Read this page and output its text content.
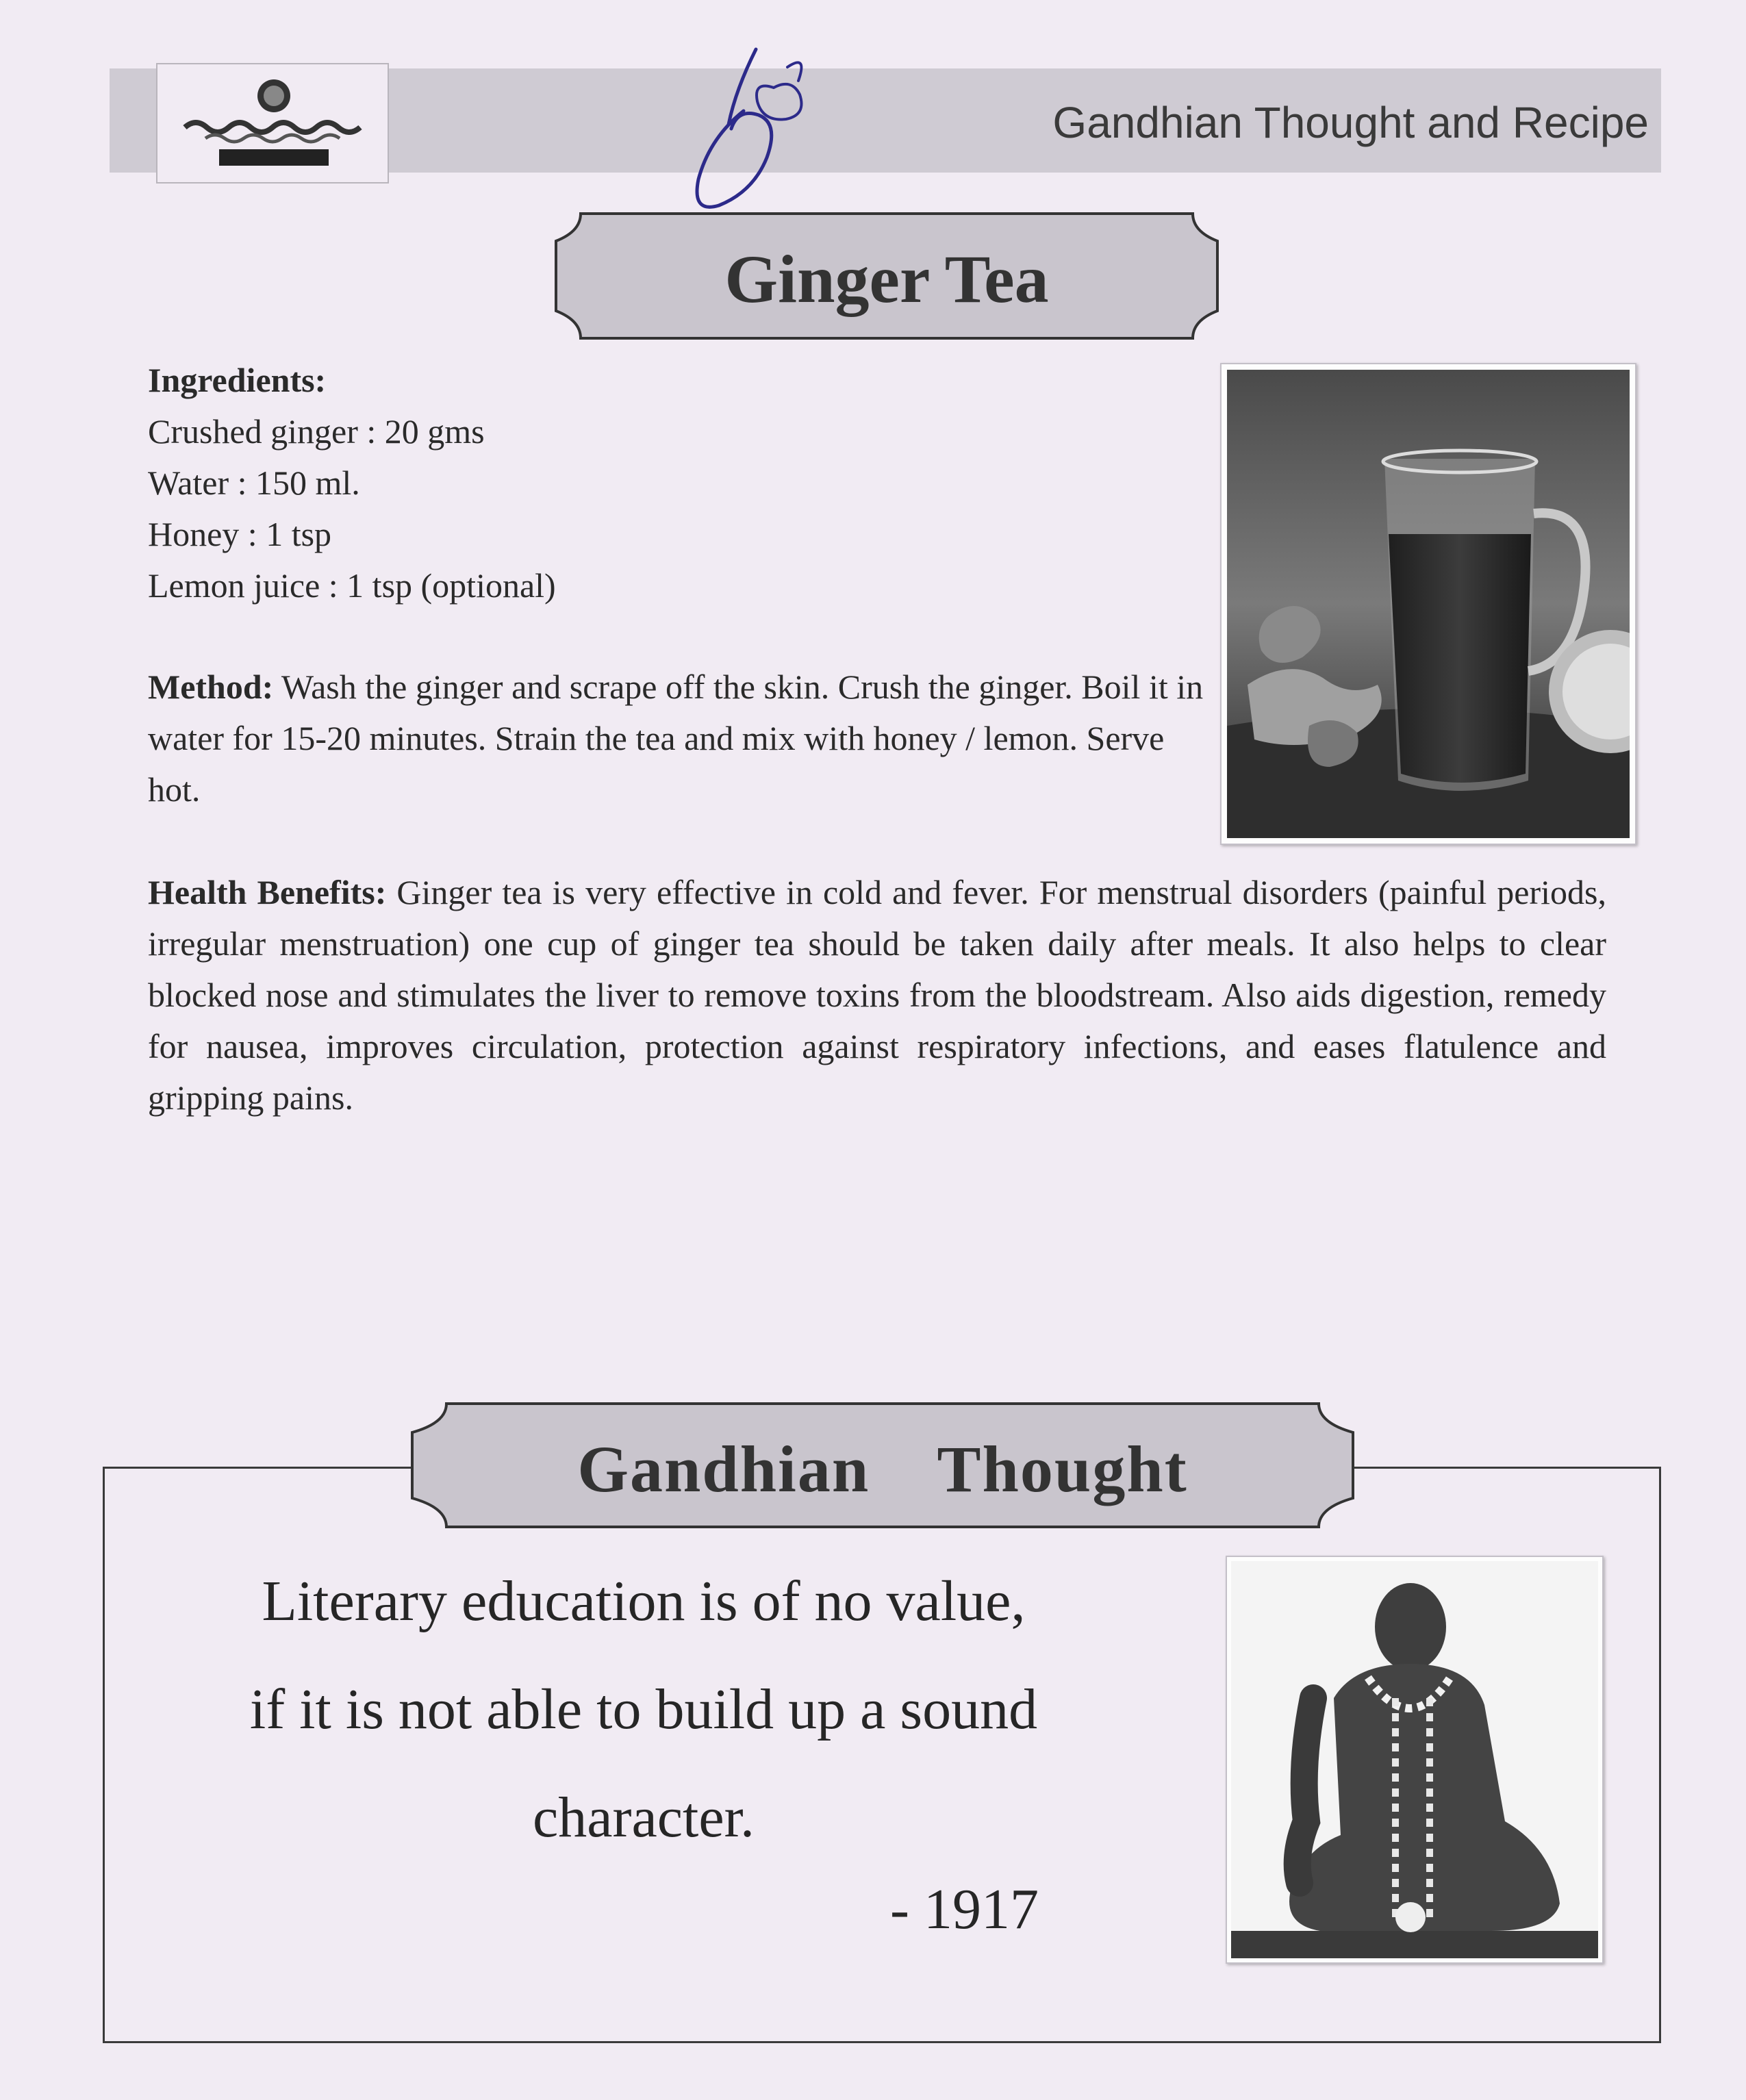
Gandhian Thought and Recipe
Ginger Tea
Ingredients:
Crushed ginger : 20 gms
Water : 150 ml.
Honey : 1 tsp
Lemon juice : 1 tsp (optional)
Method: Wash the ginger and scrape off the skin. Crush the ginger. Boil it in water for 15-20 minutes. Strain the tea and mix with honey / lemon. Serve hot.
Health Benefits: Ginger tea is very effective in cold and fever. For menstrual disorders (painful periods, irregular menstruation) one cup of ginger tea should be taken daily after meals. It also helps to clear blocked nose and stimulates the liver to remove toxins from the bloodstream. Also aids digestion, remedy for nausea, improves circulation, protection against respiratory infections, and eases flatulence and gripping pains.
Gandhian  Thought
Literary education is of no value,
if it is not able to build up a sound
character.
- 1917
